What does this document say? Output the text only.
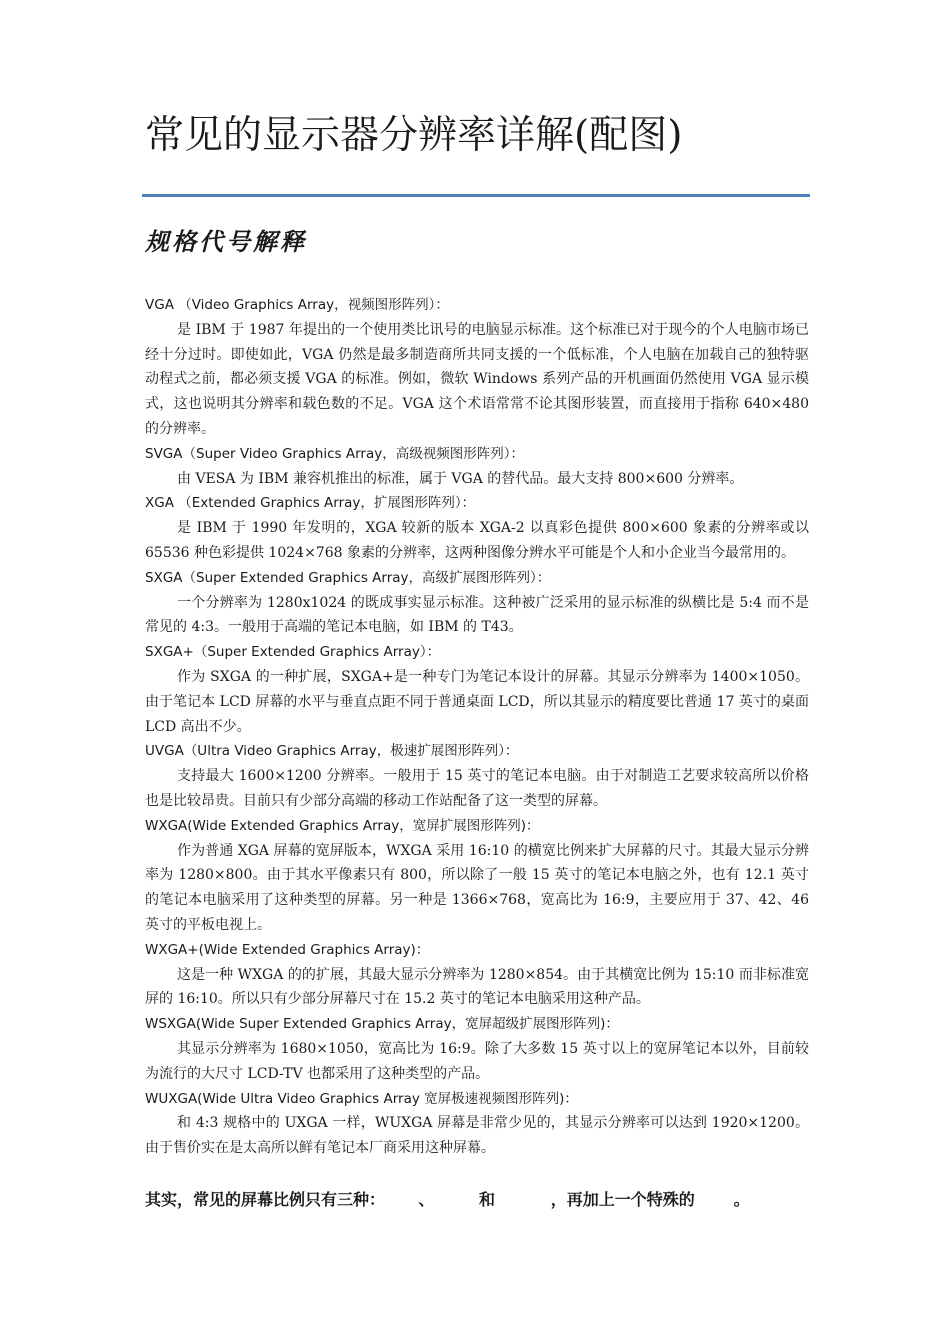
常见的显示器分辨率详解(配图)
规格代号解释
VGA （Video Graphics Array，视频图形阵列）：

是 IBM 于 1987 年提出的一个使用类比讯号的电脑显示标准。这个标准已对于现今的个人电脑市场已经十分过时。即使如此，VGA 仍然是最多制造商所共同支援的一个低标准，个人电脑在加载自己的独特驱动程式之前，都必须支援 VGA 的标准。例如，微软 Windows 系列产品的开机画面仍然使用 VGA 显示模式，这也说明其分辨率和载色数的不足。VGA 这个术语常常不论其图形装置，而直接用于指称 640×480 的分辨率。

SVGA（Super Video Graphics Array，高级视频图形阵列）：

由 VESA 为 IBM 兼容机推出的标准，属于 VGA 的替代品。最大支持 800×600 分辨率。

XGA （Extended Graphics Array，扩展图形阵列）：

是 IBM 于 1990 年发明的，XGA 较新的版本 XGA-2 以真彩色提供 800×600 象素的分辨率或以 65536 种色彩提供 1024×768 象素的分辨率，这两种图像分辨水平可能是个人和小企业当今最常用的。

SXGA（Super Extended Graphics Array，高级扩展图形阵列）：

一个分辨率为 1280x1024 的既成事实显示标准。这种被广泛采用的显示标准的纵横比是 5:4 而不是常见的 4:3。一般用于高端的笔记本电脑，如 IBM 的 T43。

SXGA+（Super Extended Graphics Array）：

作为 SXGA 的一种扩展，SXGA+是一种专门为笔记本设计的屏幕。其显示分辨率为 1400×1050。由于笔记本 LCD 屏幕的水平与垂直点距不同于普通桌面 LCD，所以其显示的精度要比普通 17 英寸的桌面 LCD 高出不少。

UVGA（Ultra Video Graphics Array，极速扩展图形阵列）：

支持最大 1600×1200 分辨率。一般用于 15 英寸的笔记本电脑。由于对制造工艺要求较高所以价格也是比较昂贵。目前只有少部分高端的移动工作站配备了这一类型的屏幕。

WXGA(Wide Extended Graphics Array，宽屏扩展图形阵列)：

作为普通 XGA 屏幕的宽屏版本，WXGA 采用 16:10 的横宽比例来扩大屏幕的尺寸。其最大显示分辨率为 1280×800。由于其水平像素只有 800，所以除了一般 15 英寸的笔记本电脑之外，也有 12.1 英寸的笔记本电脑采用了这种类型的屏幕。另一种是 1366×768，宽高比为 16:9，主要应用于 37、42、46 英寸的平板电视上。

WXGA+(Wide Extended Graphics Array)：

这是一种 WXGA 的的扩展，其最大显示分辨率为 1280×854。由于其横宽比例为 15:10 而非标准宽屏的 16:10。所以只有少部分屏幕尺寸在 15.2 英寸的笔记本电脑采用这种产品。

WSXGA(Wide Super Extended Graphics Array，宽屏超级扩展图形阵列)：

其显示分辨率为 1680×1050，宽高比为 16:9。除了大多数 15 英寸以上的宽屏笔记本以外，目前较为流行的大尺寸 LCD-TV 也都采用了这种类型的产品。

WUXGA(Wide Ultra Video Graphics Array 宽屏极速视频图形阵列)：

和 4:3 规格中的 UXGA 一样，WUXGA 屏幕是非常少见的，其显示分辨率可以达到 1920×1200。由于售价实在是太高所以鲜有笔记本厂商采用这种屏幕。

其实，常见的屏幕比例只有三种：      、        和          ，再加上一个特殊的       。
